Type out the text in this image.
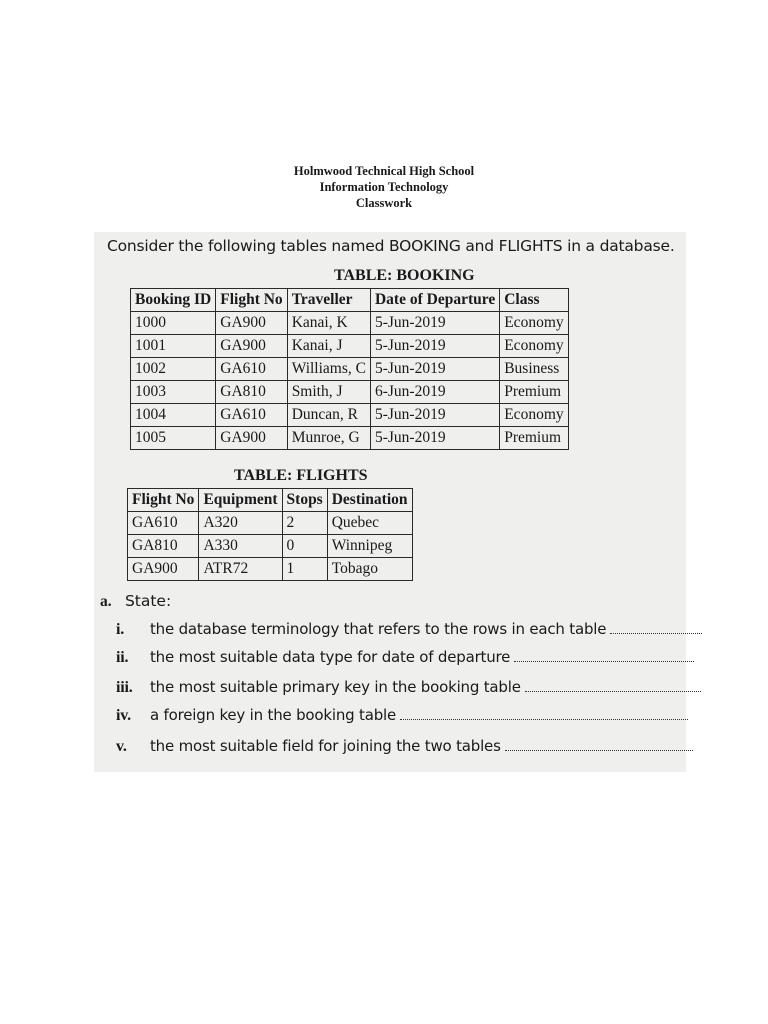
Holmwood Technical High School
Information Technology
Classwork
Consider the following tables named BOOKING and FLIGHTS in a database.
TABLE: BOOKING
Booking ID	Flight No	Traveller	Date of Departure	Class
1000	GA900	Kanai, K	5-Jun-2019	Economy
1001	GA900	Kanai, J	5-Jun-2019	Economy
1002	GA610	Williams, C	5-Jun-2019	Business
1003	GA810	Smith, J	6-Jun-2019	Premium
1004	GA610	Duncan, R	5-Jun-2019	Economy
1005	GA900	Munroe, G	5-Jun-2019	Premium
TABLE: FLIGHTS
Flight No	Equipment	Stops	Destination
GA610	A320	2	Quebec
GA810	A330	0	Winnipeg
GA900	ATR72	1	Tobago
a. State:
i. the database terminology that refers to the rows in each table
ii. the most suitable data type for date of departure
iii. the most suitable primary key in the booking table
iv. a foreign key in the booking table
v. the most suitable field for joining the two tables
